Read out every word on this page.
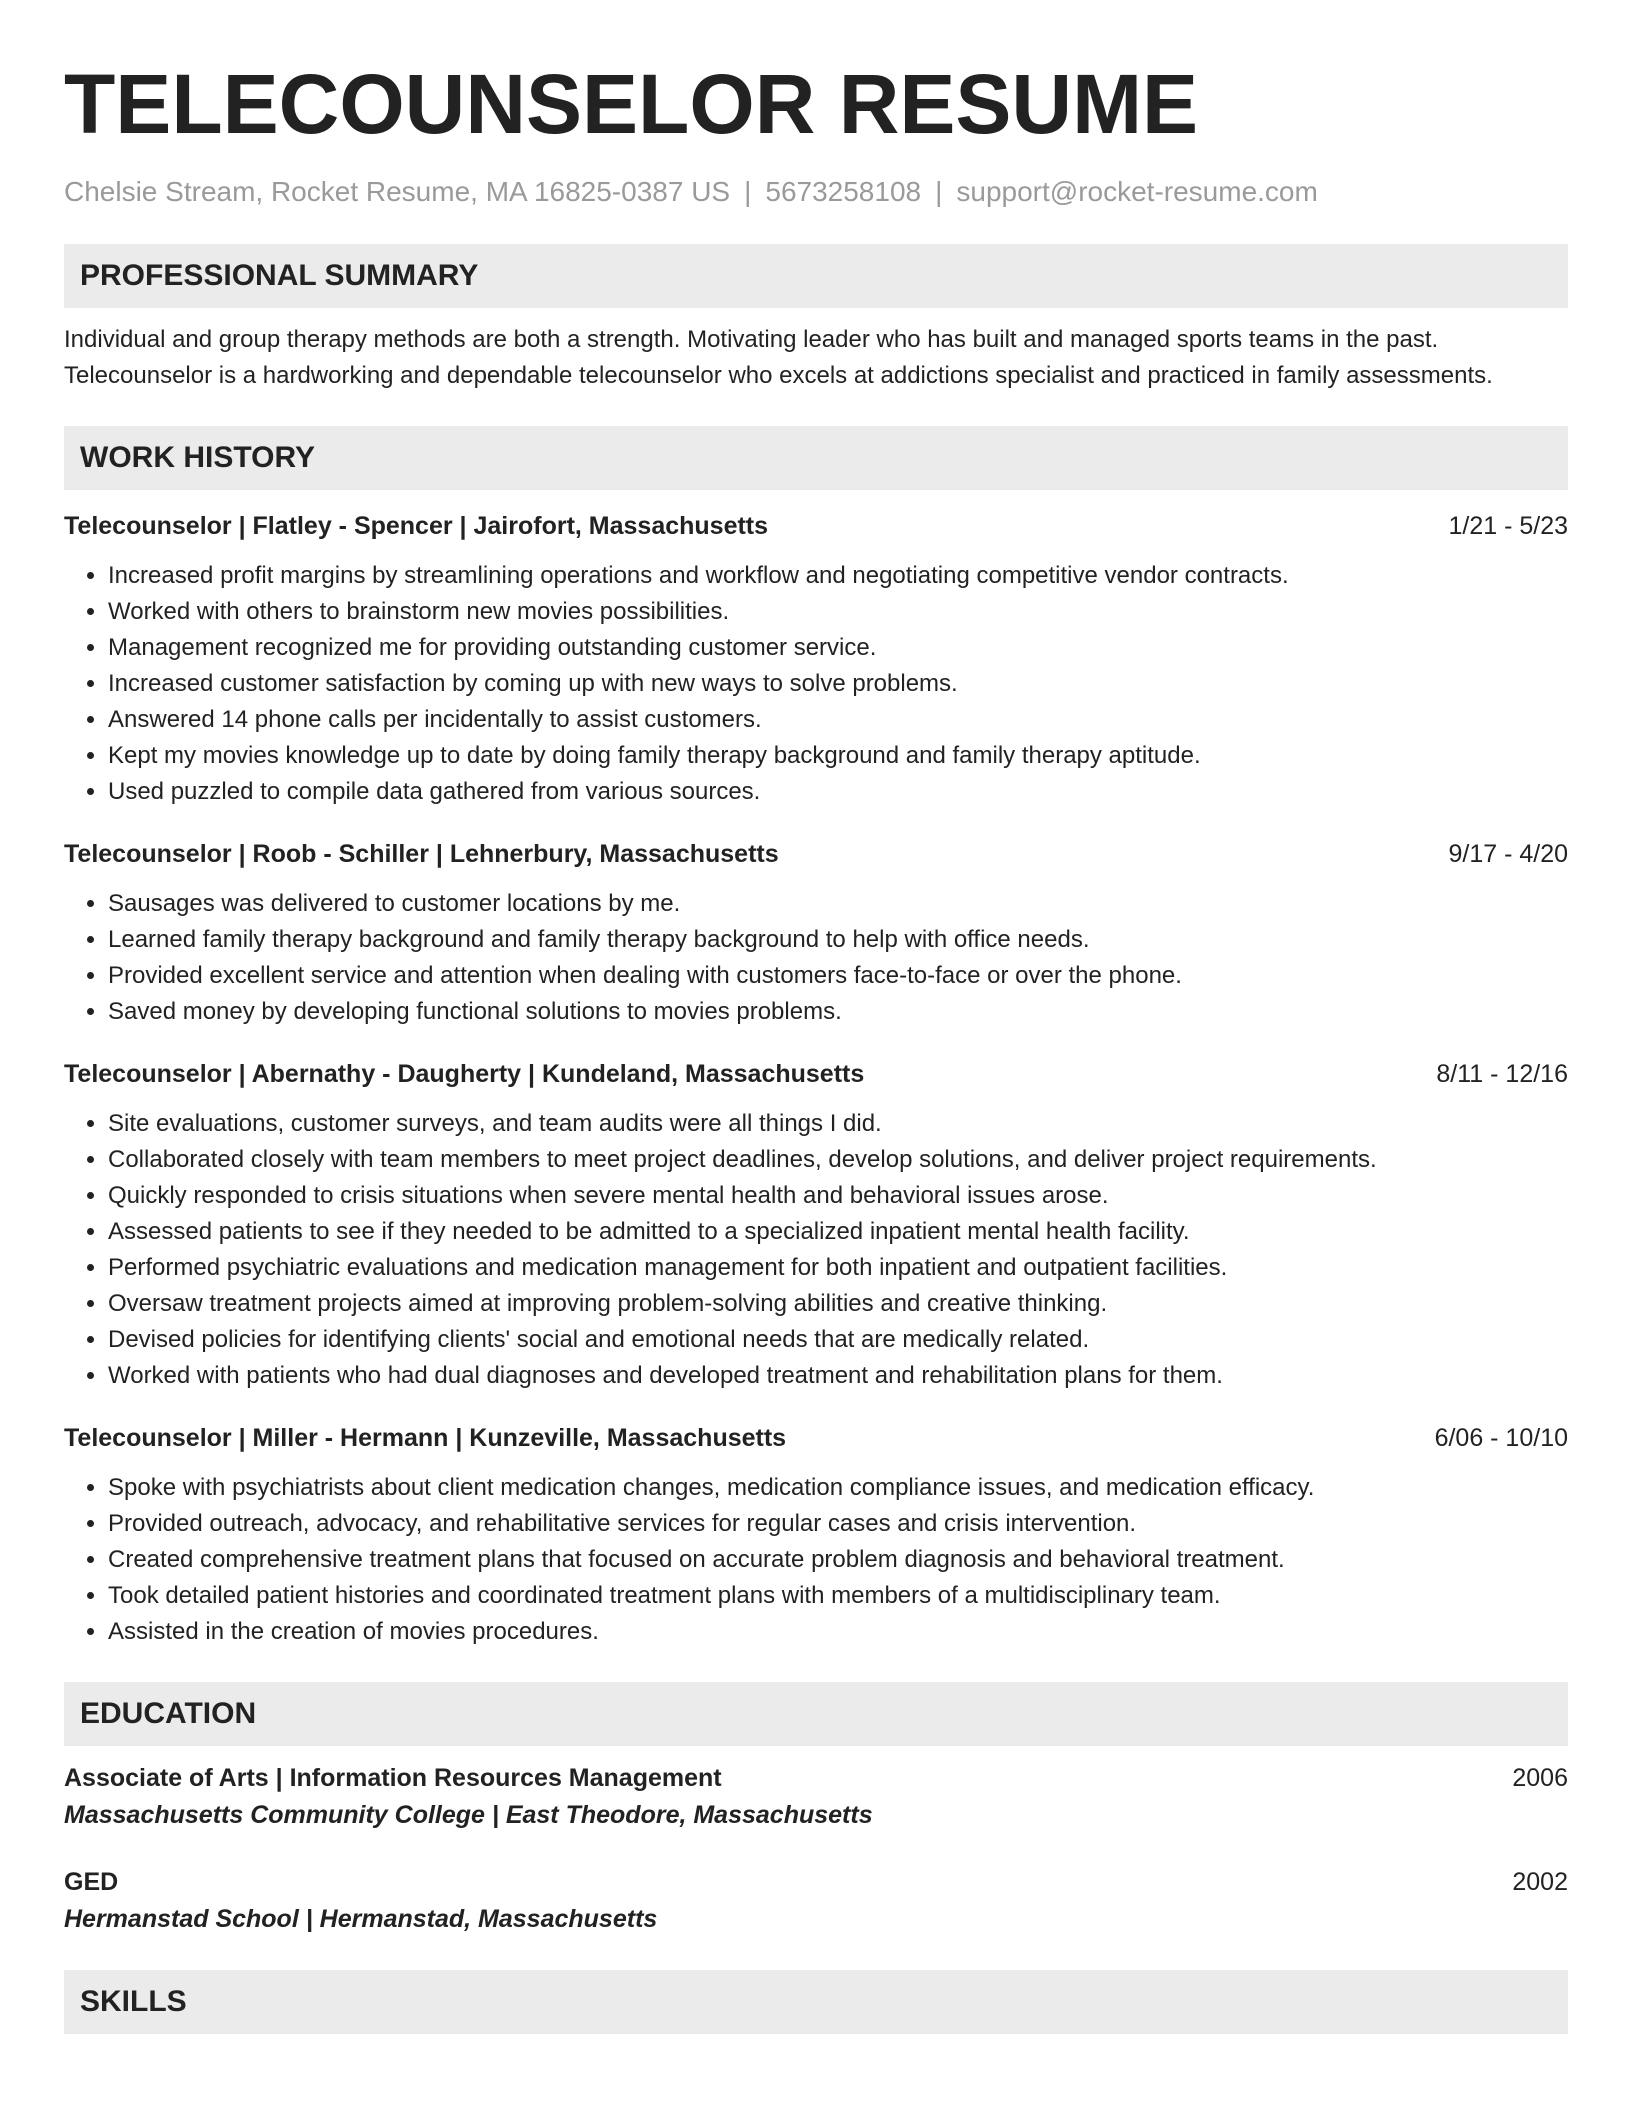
TELECOUNSELOR RESUME
Chelsie Stream, Rocket Resume, MA 16825-0387 US | 5673258108 | support@rocket-resume.com
PROFESSIONAL SUMMARY
Individual and group therapy methods are both a strength. Motivating leader who has built and managed sports teams in the past. Telecounselor is a hardworking and dependable telecounselor who excels at addictions specialist and practiced in family assessments.
WORK HISTORY
Telecounselor | Flatley - Spencer | Jairofort, Massachusetts	1/21 - 5/23
• Increased profit margins by streamlining operations and workflow and negotiating competitive vendor contracts.
• Worked with others to brainstorm new movies possibilities.
• Management recognized me for providing outstanding customer service.
• Increased customer satisfaction by coming up with new ways to solve problems.
• Answered 14 phone calls per incidentally to assist customers.
• Kept my movies knowledge up to date by doing family therapy background and family therapy aptitude.
• Used puzzled to compile data gathered from various sources.
Telecounselor | Roob - Schiller | Lehnerbury, Massachusetts	9/17 - 4/20
• Sausages was delivered to customer locations by me.
• Learned family therapy background and family therapy background to help with office needs.
• Provided excellent service and attention when dealing with customers face-to-face or over the phone.
• Saved money by developing functional solutions to movies problems.
Telecounselor | Abernathy - Daugherty | Kundeland, Massachusetts	8/11 - 12/16
• Site evaluations, customer surveys, and team audits were all things I did.
• Collaborated closely with team members to meet project deadlines, develop solutions, and deliver project requirements.
• Quickly responded to crisis situations when severe mental health and behavioral issues arose.
• Assessed patients to see if they needed to be admitted to a specialized inpatient mental health facility.
• Performed psychiatric evaluations and medication management for both inpatient and outpatient facilities.
• Oversaw treatment projects aimed at improving problem-solving abilities and creative thinking.
• Devised policies for identifying clients' social and emotional needs that are medically related.
• Worked with patients who had dual diagnoses and developed treatment and rehabilitation plans for them.
Telecounselor | Miller - Hermann | Kunzeville, Massachusetts	6/06 - 10/10
• Spoke with psychiatrists about client medication changes, medication compliance issues, and medication efficacy.
• Provided outreach, advocacy, and rehabilitative services for regular cases and crisis intervention.
• Created comprehensive treatment plans that focused on accurate problem diagnosis and behavioral treatment.
• Took detailed patient histories and coordinated treatment plans with members of a multidisciplinary team.
• Assisted in the creation of movies procedures.
EDUCATION
Associate of Arts | Information Resources Management	2006
Massachusetts Community College | East Theodore, Massachusetts
GED	2002
Hermanstad School | Hermanstad, Massachusetts
SKILLS
